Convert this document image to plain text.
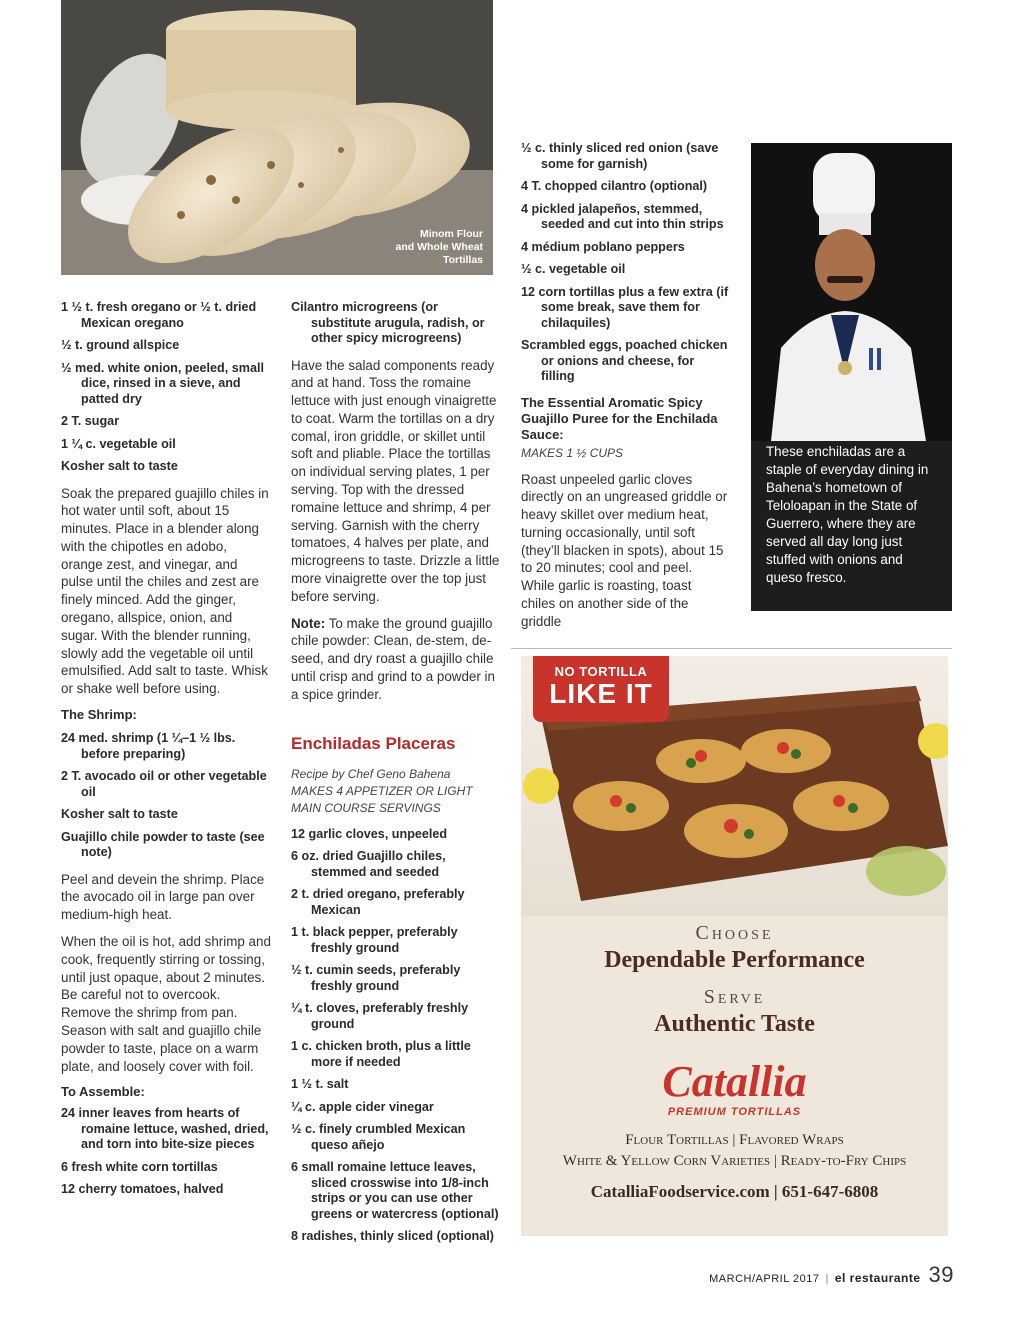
Minom Flour
and Whole Wheat
Tortillas

1 ½ t. fresh oregano or ½ t. dried Mexican oregano

½ t. ground allspice

½ med. white onion, peeled, small dice, rinsed in a sieve, and patted dry

2 T. sugar

1 ¼ c. vegetable oil

Kosher salt to taste

Soak the prepared guajillo chiles in hot water until soft, about 15 minutes. Place in a blender along with the chipotles en adobo, orange zest, and vinegar, and pulse until the chiles and zest are finely minced. Add the ginger, oregano, allspice, onion, and sugar. With the blender running, slowly add the vegetable oil until emulsified. Add salt to taste. Whisk or shake well before using.

The Shrimp:

24 med. shrimp (1 ¼–1 ½ lbs. before preparing)

2 T. avocado oil or other vegetable oil

Kosher salt to taste

Guajillo chile powder to taste (see note)

Peel and devein the shrimp. Place the avocado oil in large pan over medium-high heat.

When the oil is hot, add shrimp and cook, frequently stirring or tossing, until just opaque, about 2 minutes. Be careful not to overcook. Remove the shrimp from pan. Season with salt and guajillo chile powder to taste, place on a warm plate, and loosely cover with foil.

To Assemble:

24 inner leaves from hearts of romaine lettuce, washed, dried, and torn into bite-size pieces

6 fresh white corn tortillas

12 cherry tomatoes, halved

Cilantro microgreens (or substitute arugula, radish, or other spicy microgreens)

Have the salad components ready and at hand. Toss the romaine lettuce with just enough vinaigrette to coat. Warm the tortillas on a dry comal, iron griddle, or skillet until soft and pliable. Place the tortillas on individual serving plates, 1 per serving. Top with the dressed romaine lettuce and shrimp, 4 per serving. Garnish with the cherry tomatoes, 4 halves per plate, and microgreens to taste. Drizzle a little more vinaigrette over the top just before serving.

Note: To make the ground guajillo chile powder: Clean, de-stem, de-seed, and dry roast a guajillo chile until crisp and grind to a powder in a spice grinder.

Enchiladas Placeras

Recipe by Chef Geno Bahena

MAKES 4 APPETIZER OR LIGHT

MAIN COURSE SERVINGS

12 garlic cloves, unpeeled

6 oz. dried Guajillo chiles, stemmed and seeded

2 t. dried oregano, preferably Mexican

1 t. black pepper, preferably freshly ground

½ t. cumin seeds, preferably freshly ground

¼ t. cloves, preferably freshly ground

1 c. chicken broth, plus a little more if needed

1 ½ t. salt

¼ c. apple cider vinegar

½ c. finely crumbled Mexican queso añejo

6 small romaine lettuce leaves, sliced crosswise into 1/8-inch strips or you can use other greens or watercress (optional)

8 radishes, thinly sliced (optional)

½ c. thinly sliced red onion (save some for garnish)

4 T. chopped cilantro (optional)

4 pickled jalapeños, stemmed, seeded and cut into thin strips

4 médium poblano peppers

½ c. vegetable oil

12 corn tortillas plus a few extra (if some break, save them for chilaquiles)

Scrambled eggs, poached chicken or onions and cheese, for filling

The Essential Aromatic Spicy Guajillo Puree for the Enchilada Sauce:

MAKES 1 ½ CUPS

Roast unpeeled garlic cloves directly on an ungreased griddle or heavy skillet over medium heat, turning occasionally, until soft (they’ll blacken in spots), about 15 to 20 minutes; cool and peel. While garlic is roasting, toast chiles on another side of the griddle

These enchiladas are a staple of everyday dining in Bahena’s hometown of Teloloapan in the State of Guerrero, where they are served all day long just stuffed with onions and queso fresco.
NO TORTILLA
LIKE IT
Choose
Dependable Performance
Serve
Authentic Taste
Catallia
PREMIUM TORTILLAS
Flour Tortillas | Flavored Wraps
White & Yellow Corn Varieties | Ready-to-Fry Chips
CatalliaFoodservice.com | 651-647-6808
MARCH/APRIL 2017 | el restaurante 39
